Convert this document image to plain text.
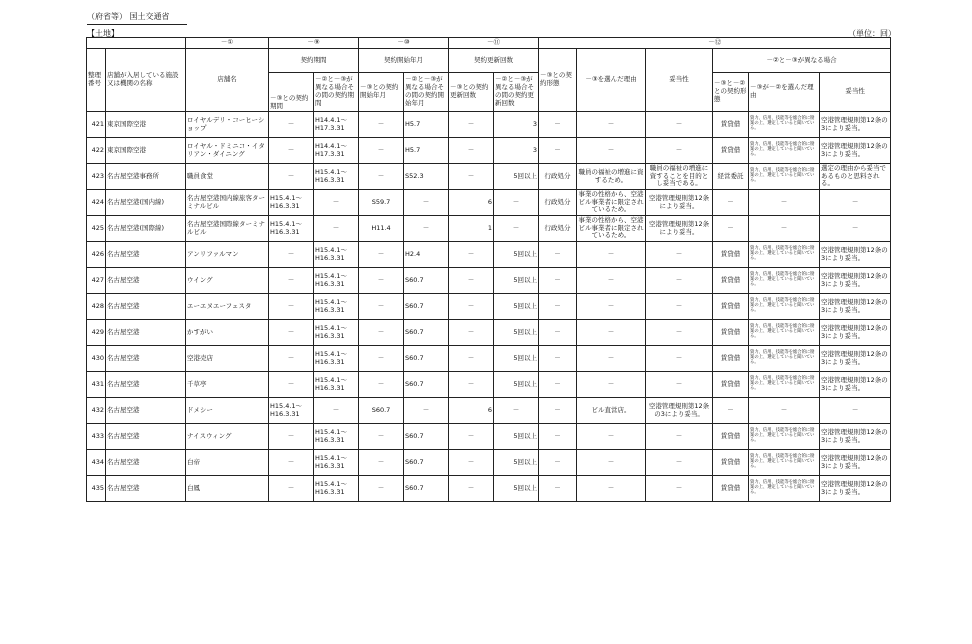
（府省等） 国土交通省
【土地】	（単位：回）
		－①	－⑨		－⑩		－⑪		－⑫					
整理番号	店舗が入居している施設又は機関の名称	店舗名	契約期間		契約開始年月		契約更新回数		－③との契約形態	－③を選んだ理由	妥当性	－②と－③が異なる場合		
			－③との契約期間	－②と－③が異なる場合その間の契約期間	－③との契約開始年月	－②と－③が異なる場合その間の契約開始年月	－③との契約更新回数	－②と－③が異なる場合その間の契約更新回数				－③と－②との契約形態	－③が－②を選んだ理由	妥当性
421	東京国際空港	ロイヤルデリ・コーヒーショップ	－	H14.4.1～H17.3.31	－	H5.7	－	3	－	－	－	賃貸借	資力、信用、技能等を総合的に勘案の上、選定していると聞いている。	空港管理規則第12条の3により妥当。
422	東京国際空港	ロイヤル・ドミニコ・イタリアン・ダイニング	－	H14.4.1～H17.3.31	－	H5.7	－	3	－	－	－	賃貸借	資力、信用、技能等を総合的に勘案の上、選定していると聞いている。	空港管理規則第12条の3により妥当。
423	名古屋空港事務所	職員食堂	－	H15.4.1～H16.3.31	－	S52.3	－	5回以上	行政処分	職員の福祉の増進に資するため。	職員の福祉の増進に資することを目的とし妥当である。	経営委託	資力、信用、技能等を総合的に勘案の上、選定していると聞いている。	選定の理由から妥当であるものと思料される。
424	名古屋空港(国内線)	名古屋空港国内線旅客ターミナルビル	H15.4.1～H16.3.31	－	S59.7	－	6	－	行政処分	事業の性格から、空港ビル事業者に限定されているため。	空港管理規則第12条により妥当。	－	－	－
425	名古屋空港(国際線)	名古屋空港国際線ターミナルビル	H15.4.1～H16.3.31	－	H11.4	－	1	－	行政処分	事業の性格から、空港ビル事業者に限定されているため。	空港管理規則第12条により妥当。	－	－	－
426	名古屋空港	アンリファルマン	－	H15.4.1～H16.3.31	－	H2.4	－	5回以上	－	－	－	賃貸借	資力、信用、技能等を総合的に勘案の上、選定していると聞いている。	空港管理規則第12条の3により妥当。
427	名古屋空港	ウイング	－	H15.4.1～H16.3.31	－	S60.7	－	5回以上	－	－	－	賃貸借	資力、信用、技能等を総合的に勘案の上、選定していると聞いている。	空港管理規則第12条の3により妥当。
428	名古屋空港	エーエヌエーフェスタ	－	H15.4.1～H16.3.31	－	S60.7	－	5回以上	－	－	－	賃貸借	資力、信用、技能等を総合的に勘案の上、選定していると聞いている。	空港管理規則第12条の3により妥当。
429	名古屋空港	かすがい	－	H15.4.1～H16.3.31	－	S60.7	－	5回以上	－	－	－	賃貸借	資力、信用、技能等を総合的に勘案の上、選定していると聞いている。	空港管理規則第12条の3により妥当。
430	名古屋空港	空港売店	－	H15.4.1～H16.3.31	－	S60.7	－	5回以上	－	－	－	賃貸借	資力、信用、技能等を総合的に勘案の上、選定していると聞いている。	空港管理規則第12条の3により妥当。
431	名古屋空港	千草亭	－	H15.4.1～H16.3.31	－	S60.7	－	5回以上	－	－	－	賃貸借	資力、信用、技能等を総合的に勘案の上、選定していると聞いている。	空港管理規則第12条の3により妥当。
432	名古屋空港	ドメシー	H15.4.1～H16.3.31	－	S60.7	－	6	－	－	ビル直営店。	空港管理規則第12条の3により妥当。	－	－	－
433	名古屋空港	ナイスウィング	－	H15.4.1～H16.3.31	－	S60.7	－	5回以上	－	－	－	賃貸借	資力、信用、技能等を総合的に勘案の上、選定していると聞いている。	空港管理規則第12条の3により妥当。
434	名古屋空港	白帝	－	H15.4.1～H16.3.31	－	S60.7	－	5回以上	－	－	－	賃貸借	資力、信用、技能等を総合的に勘案の上、選定していると聞いている。	空港管理規則第12条の3により妥当。
435	名古屋空港	白鳳	－	H15.4.1～H16.3.31	－	S60.7	－	5回以上	－	－	－	賃貸借	資力、信用、技能等を総合的に勘案の上、選定していると聞いている。	空港管理規則第12条の3により妥当。
